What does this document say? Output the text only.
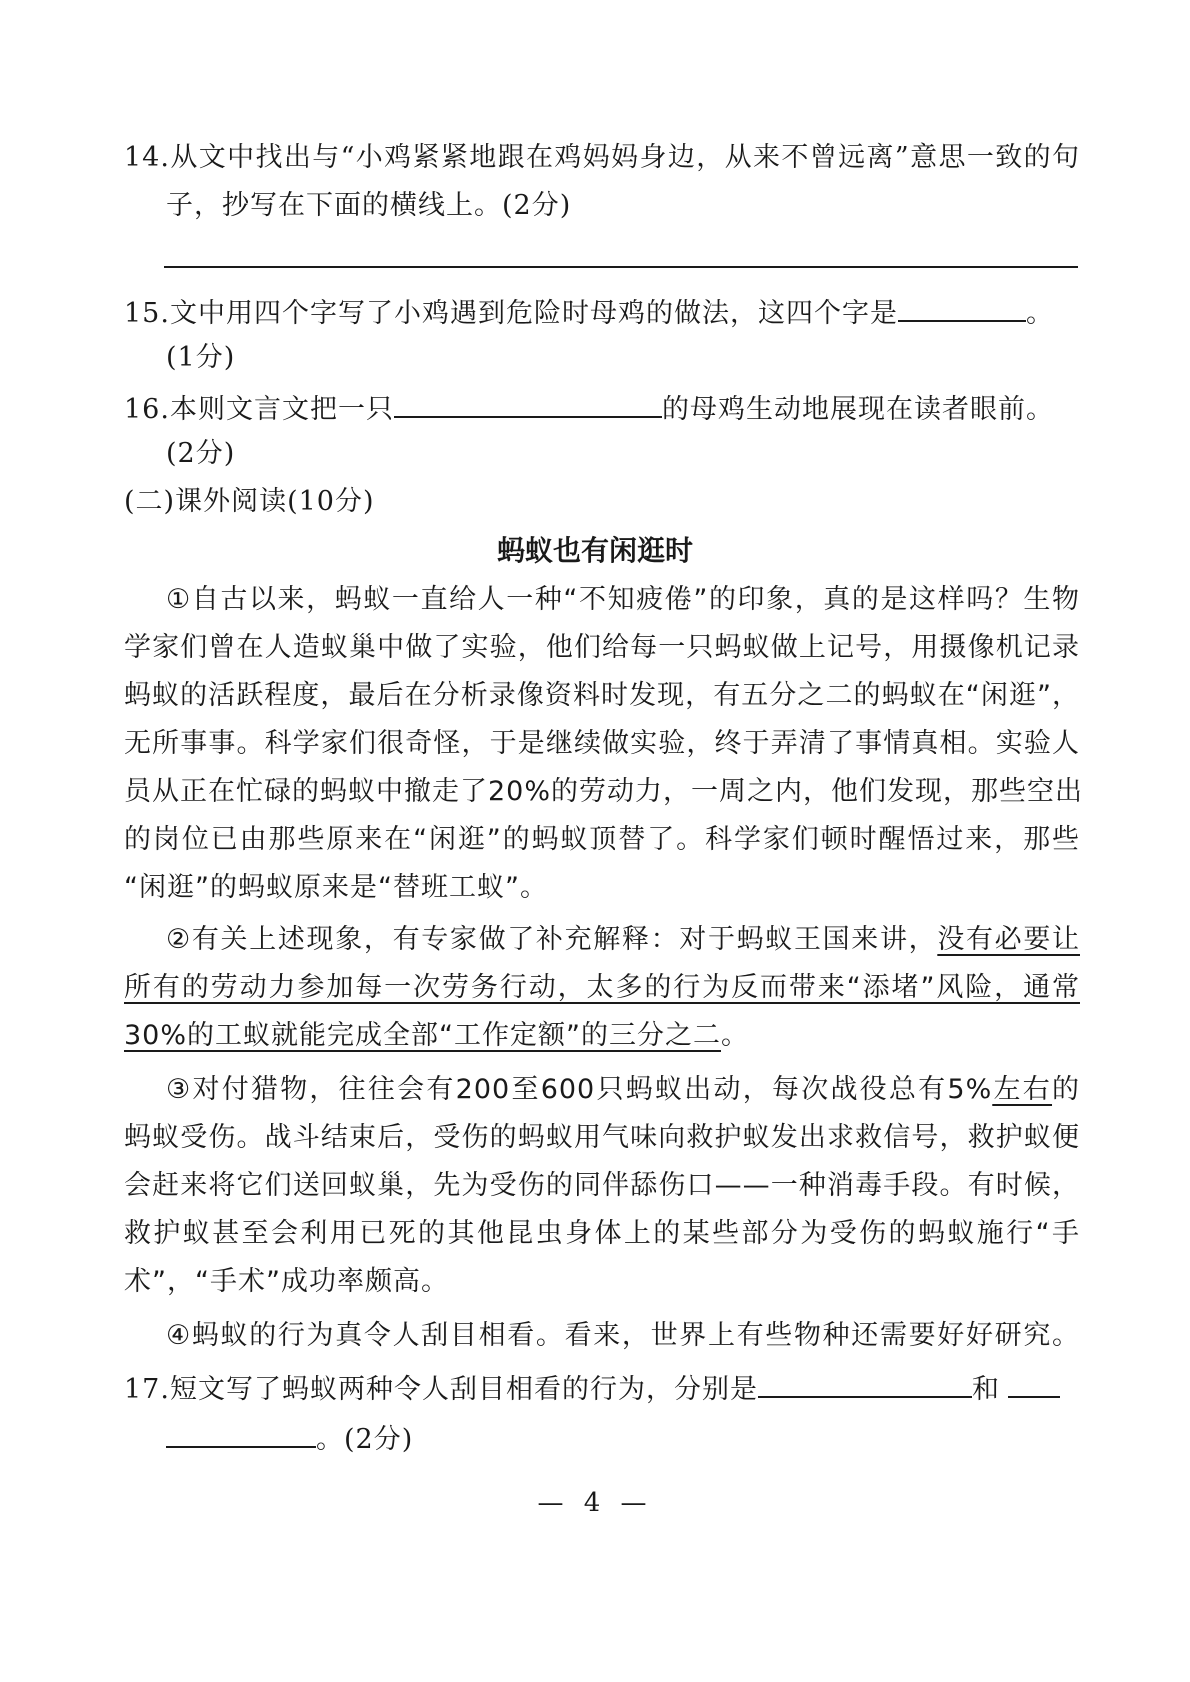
14.从文中找出与“小鸡紧紧地跟在鸡妈妈身边，从来不曾远离”意思一致的句
子，抄写在下面的横线上。(2分)
15.文中用四个字写了小鸡遇到危险时母鸡的做法，这四个字是	。
(1分)
16.本则文言文把一只	的母鸡生动地展现在读者眼前。
(2分)
(二)课外阅读(10分)
蚂蚁也有闲逛时
①自古以来，蚂蚁一直给人一种“不知疲倦”的印象，真的是这样吗？生物
学家们曾在人造蚁巢中做了实验，他们给每一只蚂蚁做上记号，用摄像机记录
蚂蚁的活跃程度，最后在分析录像资料时发现，有五分之二的蚂蚁在“闲逛”，
无所事事。科学家们很奇怪，于是继续做实验，终于弄清了事情真相。实验人
员从正在忙碌的蚂蚁中撤走了20%的劳动力，一周之内，他们发现，那些空出
的岗位已由那些原来在“闲逛”的蚂蚁顶替了。科学家们顿时醒悟过来，那些
“闲逛”的蚂蚁原来是“替班工蚁”。
②有关上述现象，有专家做了补充解释：对于蚂蚁王国来讲，没有必要让
所有的劳动力参加每一次劳务行动，太多的行为反而带来“添堵”风险，通常
30%的工蚁就能完成全部“工作定额”的三分之二。
③对付猎物，往往会有200至600只蚂蚁出动，每次战役总有5%左右的
蚂蚁受伤。战斗结束后，受伤的蚂蚁用气味向救护蚁发出求救信号，救护蚁便
会赶来将它们送回蚁巢，先为受伤的同伴舔伤口——一种消毒手段。有时候，
救护蚁甚至会利用已死的其他昆虫身体上的某些部分为受伤的蚂蚁施行“手
术”，“手术”成功率颇高。
④蚂蚁的行为真令人刮目相看。看来，世界上有些物种还需要好好研究。
17.短文写了蚂蚁两种令人刮目相看的行为，分别是	和
。(2分)
— 4 —
